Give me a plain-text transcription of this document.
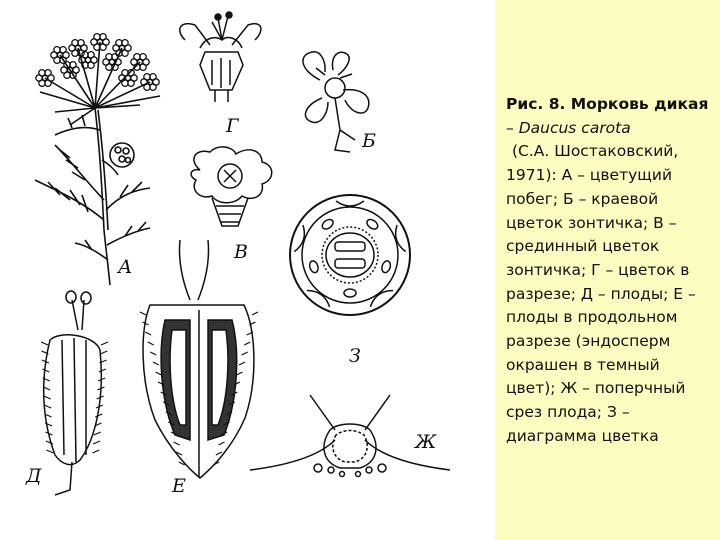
А
Г
Б
В
З
Д	Е
Ж
Рис. 8. Морковь дикая
– Daucus carota
(С.А. Шостаковский, 1971): А – цветущий побег; Б – краевой цветок зонтичка; В – срединный цветок зонтичка; Г – цветок в разрезе; Д – плоды; Е – плоды в продольном разрезе (эндосперм окрашен в темный цвет); Ж – поперчный срез плода; З – диаграмма цветка
